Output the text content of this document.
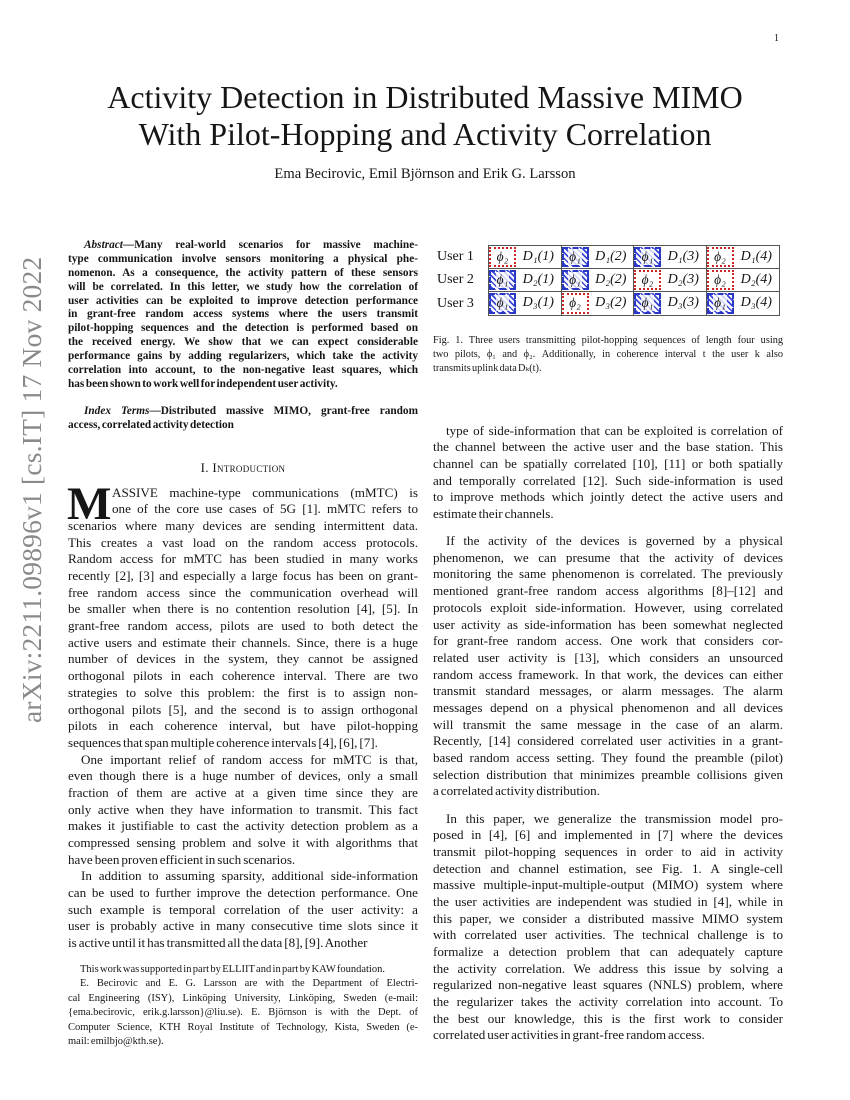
1
arXiv:2211.09896v1 [cs.IT] 17 Nov 2022
Activity Detection in Distributed Massive MIMO
With Pilot-Hopping and Activity Correlation
Ema Becirovic, Emil Björnson and Erik G. Larsson
Abstract—Many real-world scenarios for massive machine-
type communication involve sensors monitoring a physical phe-
nomenon. As a consequence, the activity pattern of these sensors
will be correlated. In this letter, we study how the correlation of
user activities can be exploited to improve detection performance
in grant-free random access systems where the users transmit
pilot-hopping sequences and the detection is performed based on
the received energy. We show that we can expect considerable
performance gains by adding regularizers, which take the activity
correlation into account, to the non-negative least squares, which
has been shown to work well for independent user activity.
Index Terms—Distributed massive MIMO, grant-free random
access, correlated activity detection
I. Introduction
M ASSIVE machine-type communications (mMTC) is
one of the core use cases of 5G [1]. mMTC refers to
scenarios where many devices are sending intermittent data.
This creates a vast load on the random access protocols.
Random access for mMTC has been studied in many works
recently [2], [3] and especially a large focus has been on grant-
free random access since the communication overhead will
be smaller when there is no contention resolution [4], [5]. In
grant-free random access, pilots are used to both detect the
active users and estimate their channels. Since, there is a huge
number of devices in the system, they cannot be assigned
orthogonal pilots in each coherence interval. There are two
strategies to solve this problem: the first is to assign non-
orthogonal pilots [5], and the second is to assign orthogonal
pilots in each coherence interval, but have pilot-hopping
sequences that span multiple coherence intervals [4], [6], [7].
One important relief of random access for mMTC is that,
even though there is a huge number of devices, only a small
fraction of them are active at a given time since they are
only active when they have information to transmit. This fact
makes it justifiable to cast the activity detection problem as a
compressed sensing problem and solve it with algorithms that
have been proven efficient in such scenarios.
In addition to assuming sparsity, additional side-information
can be used to further improve the detection performance. One
such example is temporal correlation of the user activity: a
user is probably active in many consecutive time slots since it
is active until it has transmitted all the data [8], [9]. Another
This work was supported in part by ELLIIT and in part by KAW foundation.
E. Becirovic and E. G. Larsson are with the Department of Electri-
cal Engineering (ISY), Linköping University, Linköping, Sweden (e-mail:
{ema.becirovic, erik.g.larsson}@liu.se). E. Björnson is with the Dept. of
Computer Science, KTH Royal Institute of Technology, Kista, Sweden (e-
mail: emilbjo@kth.se).
User 1	ϕ₂ D₁(1) ϕ₁ D₁(2) ϕ₁ D₁(3) ϕ₂ D₁(4)
User 2	ϕ₁ D₂(1) ϕ₁ D₂(2) ϕ₂ D₂(3) ϕ₂ D₂(4)
User 3	ϕ₁ D₃(1) ϕ₂ D₃(2) ϕ₁ D₃(3) ϕ₁ D₃(4)
Fig. 1. Three users transmitting pilot-hopping sequences of length four using
two pilots, ϕ₁ and ϕ₂. Additionally, in coherence interval t the user k also
transmits uplink data Dₖ(t).
type of side-information that can be exploited is correlation of
the channel between the active user and the base station. This
channel can be spatially correlated [10], [11] or both spatially
and temporally correlated [12]. Such side-information is used
to improve methods which jointly detect the active users and
estimate their channels.
If the activity of the devices is governed by a physical
phenomenon, we can presume that the activity of devices
monitoring the same phenomenon is correlated. The previously
mentioned grant-free random access algorithms [8]–[12] and
protocols exploit side-information. However, using correlated
user activity as side-information has been somewhat neglected
for grant-free random access. One work that considers cor-
related user activity is [13], which considers an unsourced
random access framework. In that work, the devices can either
transmit standard messages, or alarm messages. The alarm
messages depend on a physical phenomenon and all devices
will transmit the same message in the case of an alarm.
Recently, [14] considered correlated user activities in a grant-
based random access setting. They found the preamble (pilot)
selection distribution that minimizes preamble collisions given
a correlated activity distribution.
In this paper, we generalize the transmission model pro-
posed in [4], [6] and implemented in [7] where the devices
transmit pilot-hopping sequences in order to aid in activity
detection and channel estimation, see Fig. 1. A single-cell
massive multiple-input-multiple-output (MIMO) system where
the user activities are independent was studied in [4], while in
this paper, we consider a distributed massive MIMO system
with correlated user activities. The technical challenge is to
formalize a detection problem that can adequately capture
the activity correlation. We address this issue by solving a
regularized non-negative least squares (NNLS) problem, where
the regularizer takes the activity correlation into account. To
the best our knowledge, this is the first work to consider
correlated user activities in grant-free random access.
